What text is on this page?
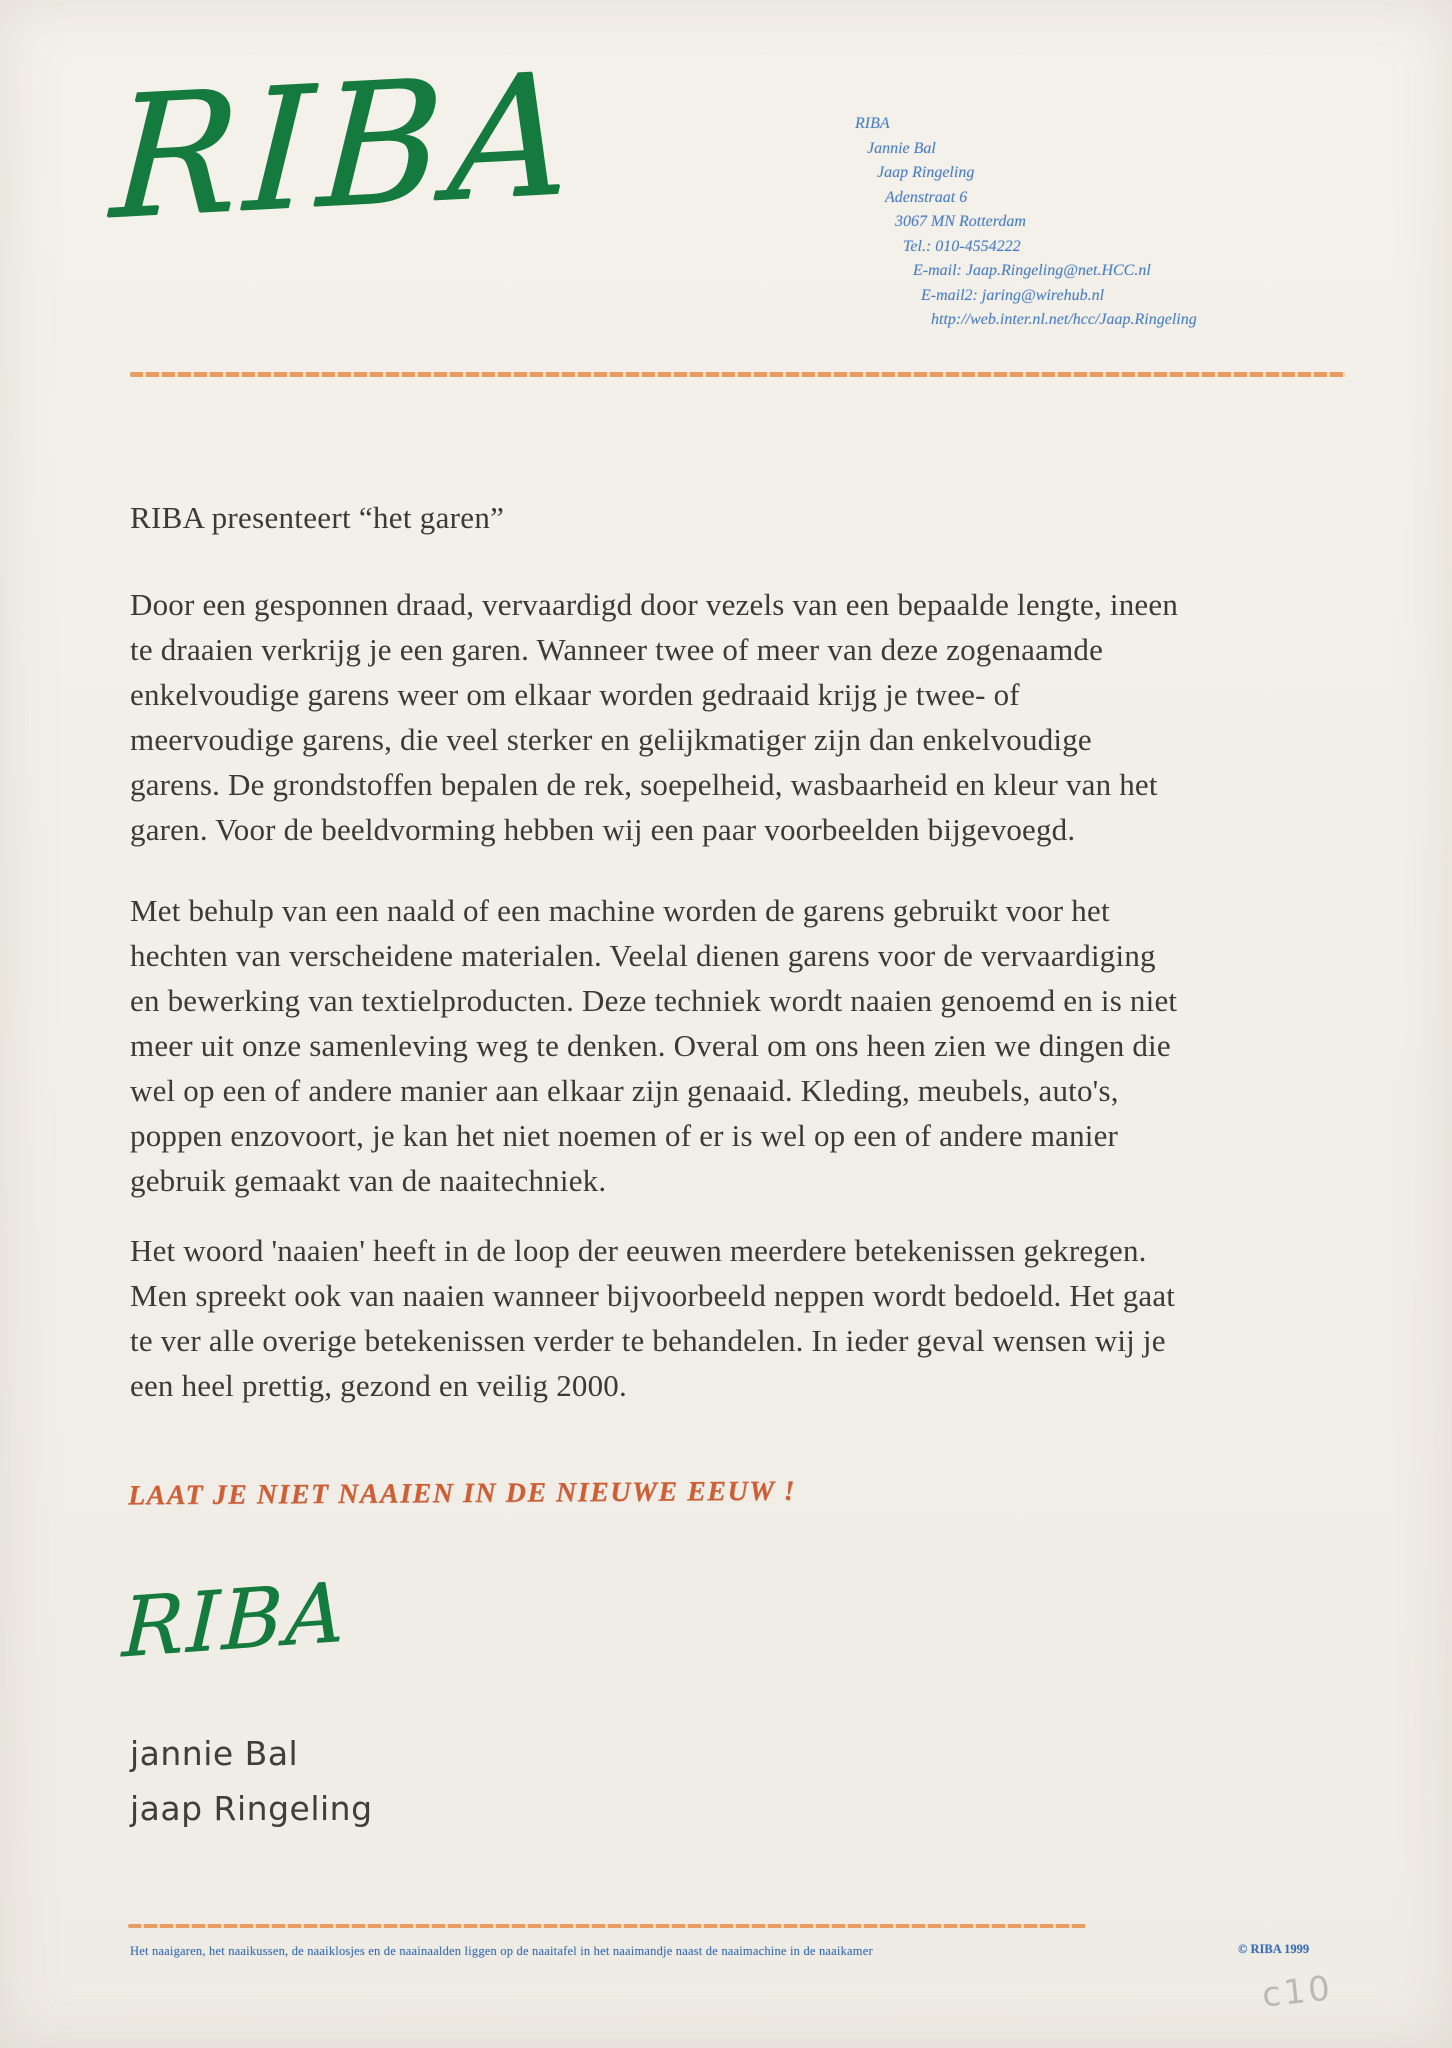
RIBA	RIBA
Jannie Bal
Jaap Ringeling
Adenstraat 6
3067 MN Rotterdam
Tel.: 010-4554222
E-mail: Jaap.Ringeling@net.HCC.nl
E-mail2: jaring@wirehub.nl
http://web.inter.nl.net/hcc/Jaap.Ringeling
RIBA presenteert “het garen”
Door een gesponnen draad, vervaardigd door vezels van een bepaalde lengte, ineen
te draaien verkrijg je een garen. Wanneer twee of meer van deze zogenaamde
enkelvoudige garens weer om elkaar worden gedraaid krijg je twee- of
meervoudige garens, die veel sterker en gelijkmatiger zijn dan enkelvoudige
garens. De grondstoffen bepalen de rek, soepelheid, wasbaarheid en kleur van het
garen. Voor de beeldvorming hebben wij een paar voorbeelden bijgevoegd.
Met behulp van een naald of een machine worden de garens gebruikt voor het
hechten van verscheidene materialen. Veelal dienen garens voor de vervaardiging
en bewerking van textielproducten. Deze techniek wordt naaien genoemd en is niet
meer uit onze samenleving weg te denken. Overal om ons heen zien we dingen die
wel op een of andere manier aan elkaar zijn genaaid. Kleding, meubels, auto's,
poppen enzovoort, je kan het niet noemen of er is wel op een of andere manier
gebruik gemaakt van de naaitechniek.
Het woord 'naaien' heeft in de loop der eeuwen meerdere betekenissen gekregen.
Men spreekt ook van naaien wanneer bijvoorbeeld neppen wordt bedoeld. Het gaat
te ver alle overige betekenissen verder te behandelen. In ieder geval wensen wij je
een heel prettig, gezond en veilig 2000.
LAAT JE NIET NAAIEN IN DE NIEUWE EEUW !
RIBA
jannie Bal
jaap Ringeling
Het naaigaren, het naaikussen, de naaiklosjes en de naainaalden liggen op de naaitafel in het naaimandje naast de naaimachine in de naaikamer	© RIBA 1999
c10
